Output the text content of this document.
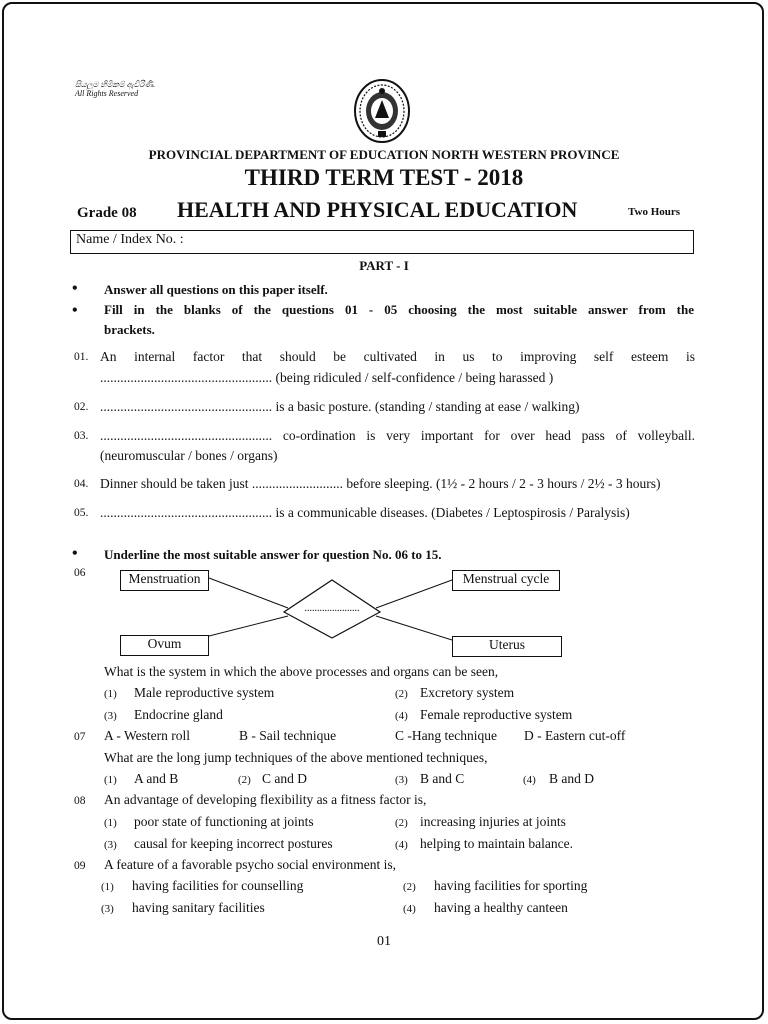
සියලුම හිමිකම් ඇවිරිණි.
All Rights Reserved
PROVINCIAL DEPARTMENT OF EDUCATION NORTH WESTERN PROVINCE
THIRD TERM TEST - 2018
Grade 08 HEALTH AND PHYSICAL EDUCATION	Two Hours
Name / Index No. :
PART - I
• Answer all questions on this paper itself.
• Fill in the blanks of the questions 01 - 05 choosing the most suitable answer from the
brackets.
01. An internal factor that should be cultivated in us to improving self esteem is
................................................... (being ridiculed / self-confidence / being harassed )
02. ................................................... is a basic posture. (standing / standing at ease / walking)
03. ................................................... co-ordination is very important for over head pass of volleyball.
(neuromuscular / bones / organs)
04. Dinner should be taken just ........................... before sleeping. (1½ - 2 hours / 2 - 3 hours / 2½ - 3 hours)
05. ................................................... is a communicable diseases. (Diabetes / Leptospirosis / Paralysis)
• Underline the most suitable answer for question No. 06 to 15.
06
......................
Menstruation	Menstrual cycle
Ovum	Uterus
What is the system in which the above processes and organs can be seen,
(1) Male reproductive system	(2) Excretory system
(3) Endocrine gland	(4) Female reproductive system
07 A - Western roll	B - Sail technique	C -Hang technique D - Eastern cut-off
What are the long jump techniques of the above mentioned techniques,
(1) A and B	(2) C and D	(3) B and C	(4) B and D
08 An advantage of developing flexibility as a fitness factor is,
(1) poor state of functioning at joints	(2) increasing injuries at joints
(3) causal for keeping incorrect postures	(4) helping to maintain balance.
09 A feature of a favorable psycho social environment is,
(1) having facilities for counselling	(2) having facilities for sporting
(3) having sanitary facilities	(4) having a healthy canteen
01
